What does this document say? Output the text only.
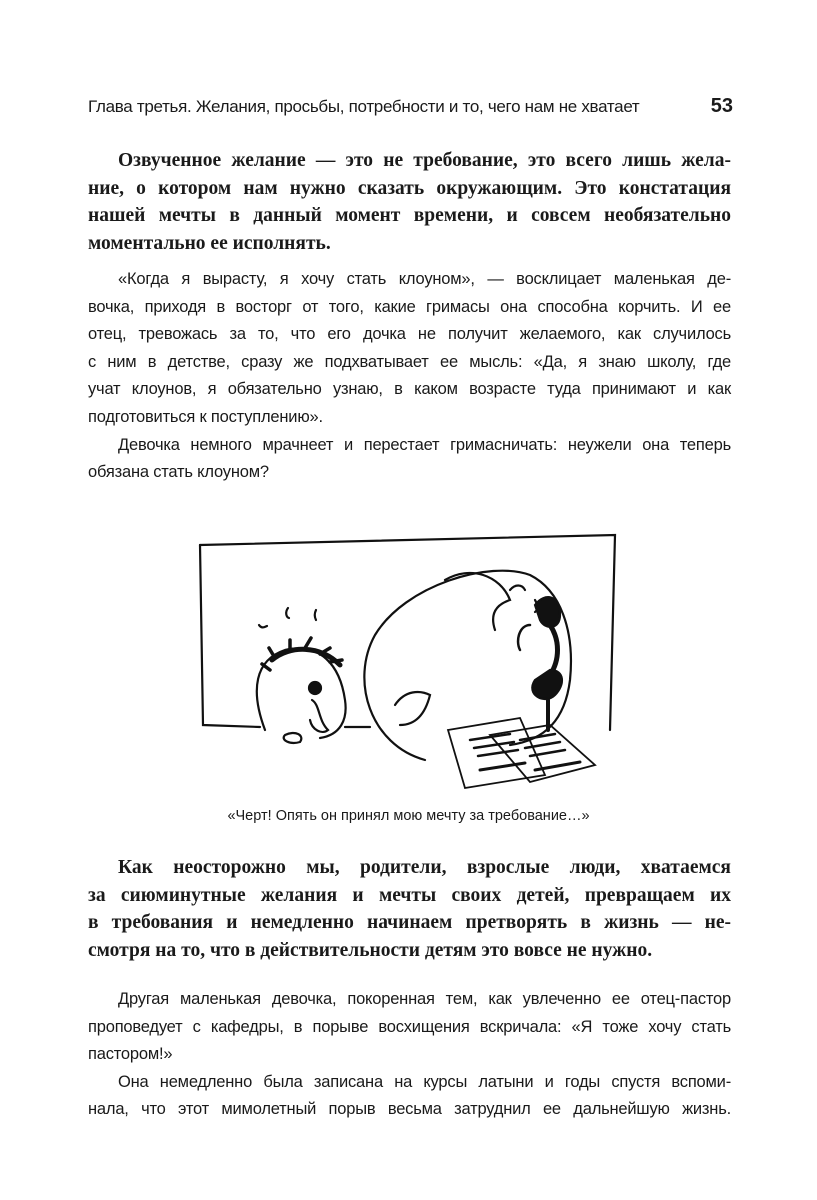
Глава третья. Желания, просьбы, потребности и то, чего нам не хватает	53
Озвученное желание — это не требование, это всего лишь жела-
ние, о котором нам нужно сказать окружающим. Это констатация
нашей мечты в данный момент времени, и совсем необязательно
моментально ее исполнять.
«Когда я вырасту, я хочу стать клоуном», — восклицает маленькая де-
вочка, приходя в восторг от того, какие гримасы она способна корчить. И ее
отец, тревожась за то, что его дочка не получит желаемого, как случилось
с ним в детстве, сразу же подхватывает ее мысль: «Да, я знаю школу, где
учат клоунов, я обязательно узнаю, в каком возрасте туда принимают и как
подготовиться к поступлению».
Девочка немного мрачнеет и перестает гримасничать: неужели она теперь
обязана стать клоуном?
«Черт! Опять он принял мою мечту за требование…»
Как неосторожно мы, родители, взрослые люди, хватаемся
за сиюминутные желания и мечты своих детей, превращаем их
в требования и немедленно начинаем претворять в жизнь — не-
смотря на то, что в действительности детям это вовсе не нужно.
Другая маленькая девочка, покоренная тем, как увлеченно ее отец-пастор
проповедует с кафедры, в порыве восхищения вскричала: «Я тоже хочу стать
пастором!»
Она немедленно была записана на курсы латыни и годы спустя вспоми-
нала, что этот мимолетный порыв весьма затруднил ее дальнейшую жизнь.
